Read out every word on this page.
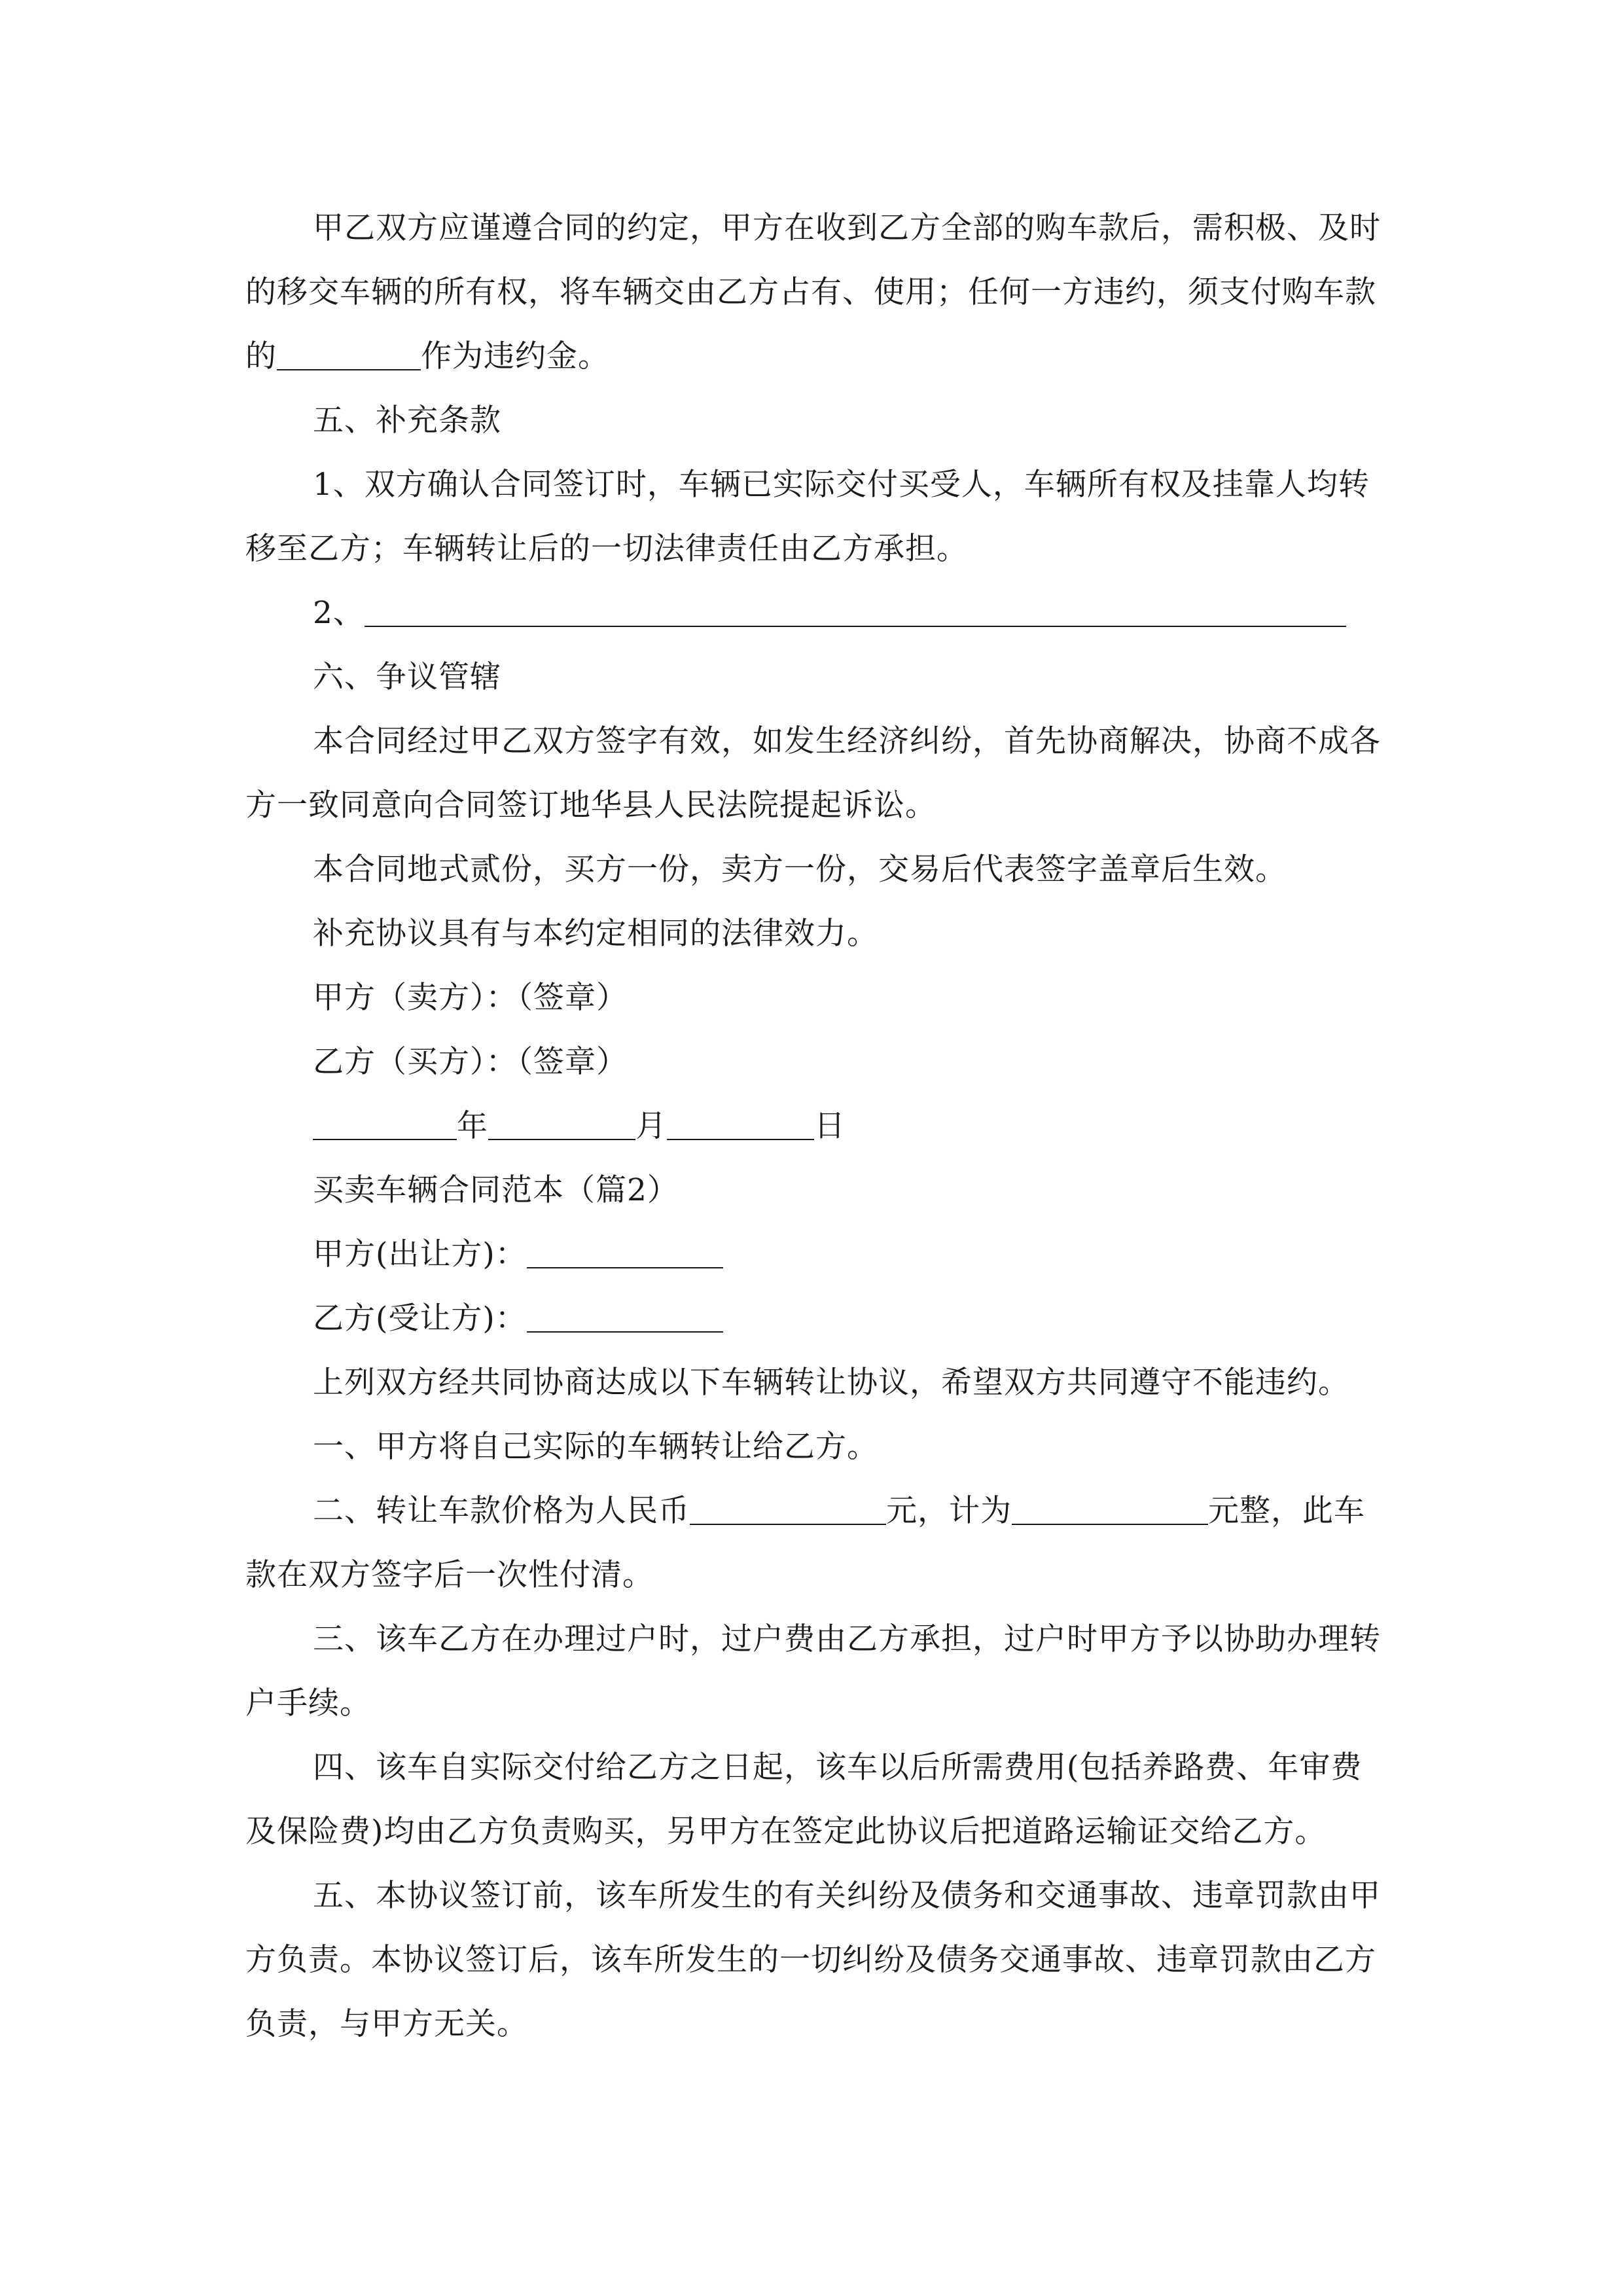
甲乙双方应谨遵合同的约定，甲方在收到乙方全部的购车款后，需积极、及时的移交车辆的所有权，将车辆交由乙方占有、使用；任何一方违约，须支付购车款的	作为违约金。

五、补充条款

1、双方确认合同签订时，车辆已实际交付买受人，车辆所有权及挂靠人均转移至乙方；车辆转让后的一切法律责任由乙方承担。

2、

六、争议管辖

本合同经过甲乙双方签字有效，如发生经济纠纷，首先协商解决，协商不成各方一致同意向合同签订地华县人民法院提起诉讼。

本合同地式贰份，买方一份，卖方一份，交易后代表签字盖章后生效。

补充协议具有与本约定相同的法律效力。

甲方（卖方）：（签章）

乙方（买方）：（签章）

年	月	日

买卖车辆合同范本（篇2）

甲方(出让方)：

乙方(受让方)：

上列双方经共同协商达成以下车辆转让协议，希望双方共同遵守不能违约。

一、甲方将自己实际的车辆转让给乙方。

二、转让车款价格为人民币	元，计为	元整，此车款在双方签字后一次性付清。

三、该车乙方在办理过户时，过户费由乙方承担，过户时甲方予以协助办理转户手续。

四、该车自实际交付给乙方之日起，该车以后所需费用(包括养路费、年审费及保险费)均由乙方负责购买，另甲方在签定此协议后把道路运输证交给乙方。

五、本协议签订前，该车所发生的有关纠纷及债务和交通事故、违章罚款由甲方负责。本协议签订后，该车所发生的一切纠纷及债务交通事故、违章罚款由乙方负责，与甲方无关。
